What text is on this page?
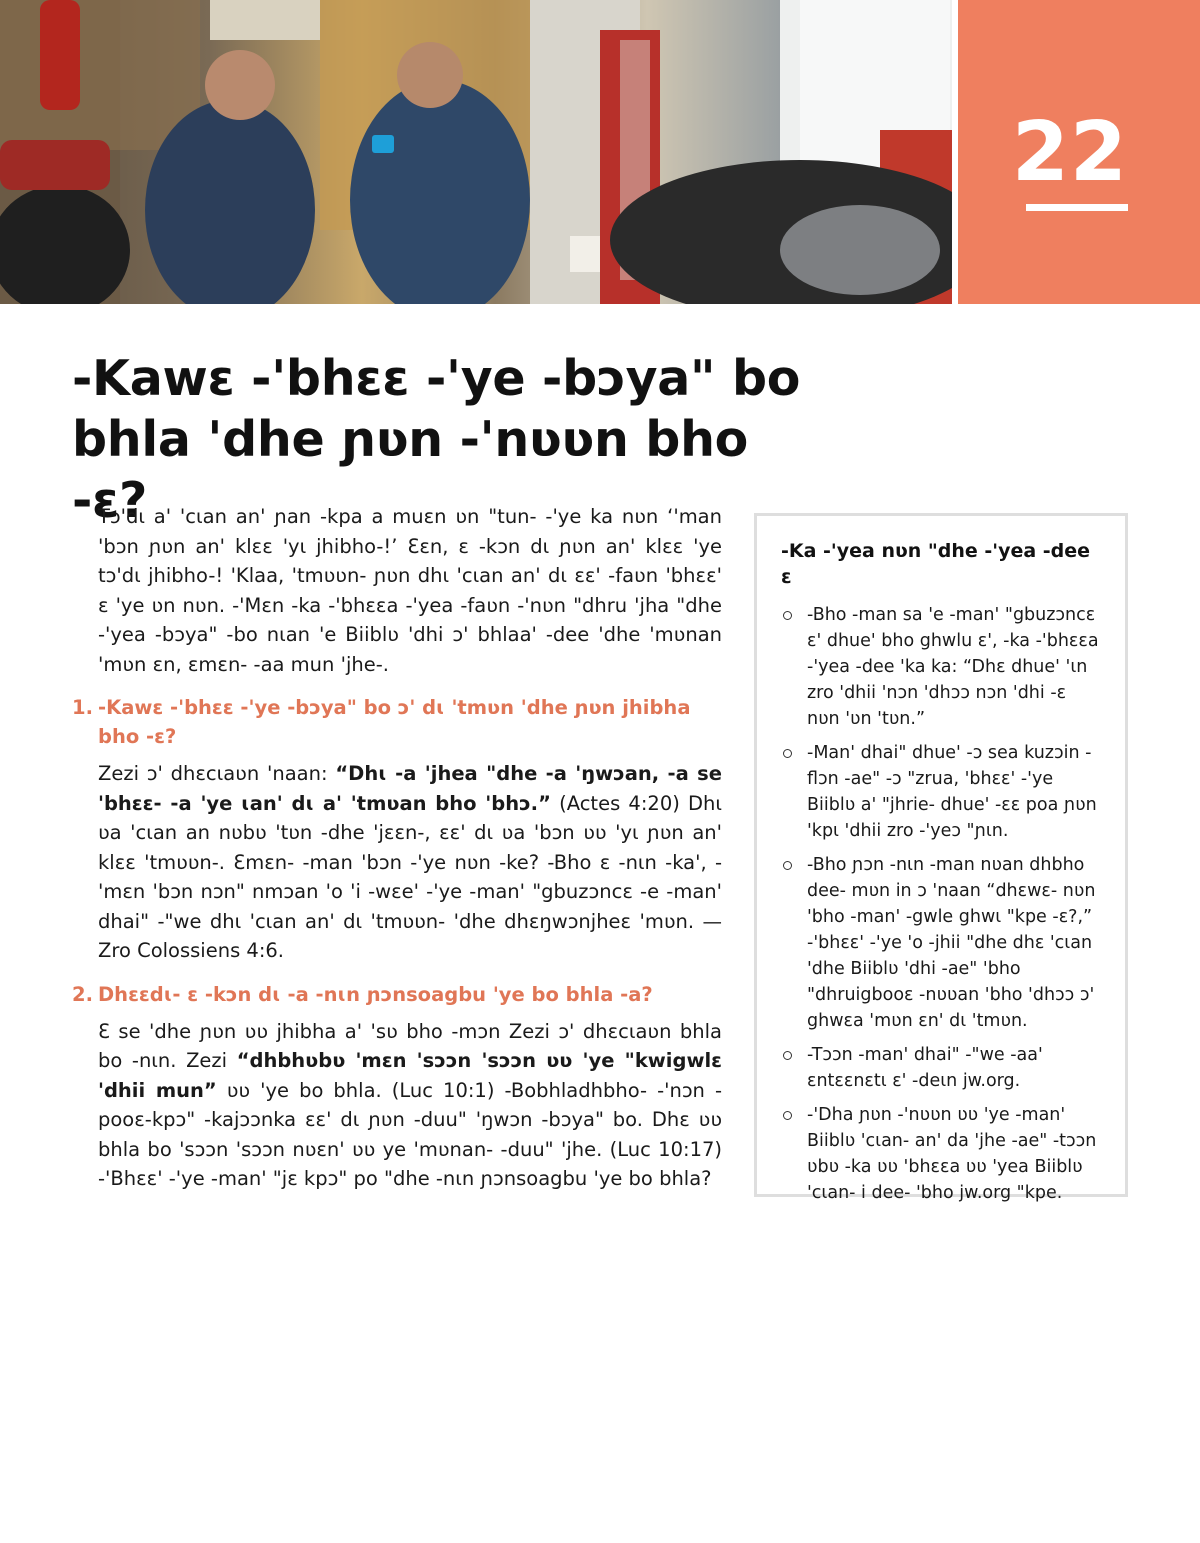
22
-Kawɛ -'bhɛɛ -'ye -bɔya" bo bhla 'dhe ɲʋn -'nʋʋn bho -ɛ?

Tɔ'dɩ a' 'cɩan an' ɲan -kpa a muɛn ʋn "tun- -'ye ka nʋn ‘'man 'bɔn ɲʋn an' klɛɛ 'yɩ jhibho-!’ Ɛɛn, ɛ -kɔn dɩ ɲʋn an' klɛɛ 'ye tɔ'dɩ jhibho-! 'Klaa, 'tmʋʋn- ɲʋn dhɩ 'cɩan an' dɩ ɛɛ' -faʋn 'bhɛɛ' ɛ 'ye ʋn nʋn. -'Mɛn -ka -'bhɛɛa -'yea -faʋn -'nʋn "dhru 'jha "dhe -'yea -bɔya" -bo nɩan 'e Biiblʋ 'dhi ɔ' bhlaa' -dee 'dhe 'mʋnan 'mʋn ɛn, ɛmɛn- -aa mun 'jhe-.

1. -Kawɛ -'bhɛɛ -'ye -bɔya" bo ɔ' dɩ 'tmʋn 'dhe ɲʋn jhibha bho -ɛ?

Zezi ɔ' dhɛcɩaʋn 'naan: “Dhɩ -a 'jhea "dhe -a 'ŋwɔan, -a se 'bhɛɛ- -a 'ye ɩan' dɩ a' 'tmʋan bho 'bhɔ.” (Actes 4:20) Dhɩ ʋa 'cɩan an nʋbʋ 'tʋn -dhe 'jɛɛn-, ɛɛ' dɩ ʋa 'bɔn ʋʋ 'yɩ ɲʋn an' klɛɛ 'tmʋʋn-. Ɛmɛn- -man 'bɔn -'ye nʋn -ke? -Bho ɛ -nɩn -ka', -'mɛn 'bɔn nɔn" nmɔan 'o 'i -wɛe' -'ye -man' "gbuzɔncɛ -e -man' dhai" -"we dhɩ 'cɩan an' dɩ 'tmʋʋn- 'dhe dhɛŋwɔnjheɛ 'mʋn. —Zro Colossiens 4:6.

2. Dhɛɛdɩ- ɛ -kɔn dɩ -a -nɩn ɲɔnsoagbu 'ye bo bhla -a?

Ɛ se 'dhe ɲʋn ʋʋ jhibha a' 'sʋ bho -mɔn Zezi ɔ' dhɛcɩaʋn bhla bo -nɩn. Zezi “dhbhʋbʋ 'mɛn 'sɔɔn 'sɔɔn ʋʋ 'ye "kwigwlɛ 'dhii mun” ʋʋ 'ye bo bhla. (Luc 10:1) -Bobhladhbho- -'nɔn -pooɛ-kpɔ" -kajɔɔnka ɛɛ' dɩ ɲʋn -duu" 'ŋwɔn -bɔya" bo. Dhɛ ʋʋ bhla bo 'sɔɔn 'sɔɔn nʋɛn' ʋʋ ye 'mʋnan- -duu" 'jhe. (Luc 10:17) -'Bhɛɛ' -'ye -man' "jɛ kpɔ" po "dhe -nɩn ɲɔnsoagbu 'ye bo bhla?

-Ka -'yea nʋn "dhe -'yea -dee ɛ
-Bho -man sa 'e -man' "gbuzɔncɛ ɛ' dhue' bho ghwlu ɛ', -ka -'bhɛɛa -'yea -dee 'ka ka: “Dhɛ dhue' 'ɩn zro 'dhii 'nɔn 'dhɔɔ nɔn 'dhi -ɛ nʋn 'ʋn 'tʋn.”
-Man' dhai" dhue' -ɔ sea kuzɔin -flɔn -ae" -ɔ "zrua, 'bhɛɛ' -'ye Biiblʋ a' "jhrie- dhue' -ɛɛ poa ɲʋn 'kpɩ 'dhii zro -'yeɔ "ɲɩn.
-Bho ɲɔn -nɩn -man nʋan dhbho dee- mʋn in ɔ 'naan “dhɛwɛ- nʋn 'bho -man' -gwle ghwɩ "kpe -ɛ?,” -'bhɛɛ' -'ye 'o -jhii "dhe dhɛ 'cɩan 'dhe Biiblʋ 'dhi -ae" 'bho "dhruigbooɛ -nʋʋan 'bho 'dhɔɔ ɔ' ghwɛa 'mʋn ɛn' dɩ 'tmʋn.
-Tɔɔn -man' dhai" -"we -aa' ɛntɛɛnɛtɩ ɛ' -deɩn jw.org.
-'Dha ɲʋn -'nʋʋn ʋʋ 'ye -man' Biiblʋ 'cɩan- an' da 'jhe -ae" -tɔɔn ʋbʋ -ka ʋʋ 'bhɛɛa ʋʋ 'yea Biiblʋ 'cɩan- i dee- 'bho jw.org "kpe.
